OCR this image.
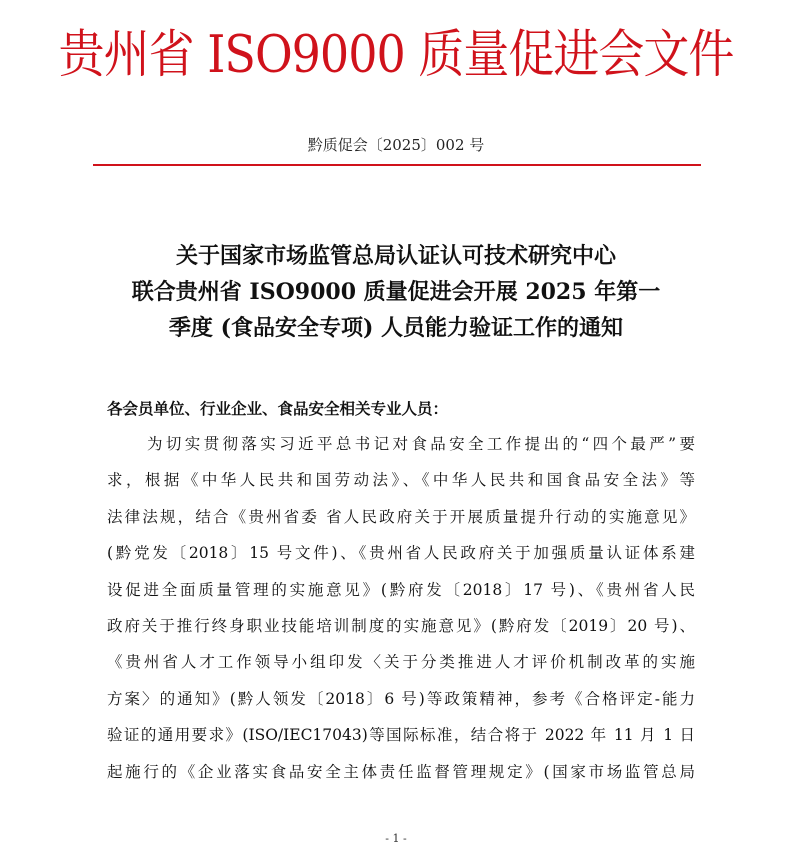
贵州省 ISO9000 质量促进会文件
黔质促会〔2025〕002 号
关于国家市场监管总局认证认可技术研究中心
联合贵州省 ISO9000 质量促进会开展 2025 年第一
季度 (食品安全专项) 人员能力验证工作的通知
各会员单位、行业企业、食品安全相关专业人员：
为切实贯彻落实习近平总书记对食品安全工作提出的“四个最严”要
求，根据《中华人民共和国劳动法》、《中华人民共和国食品安全法》等
法律法规，结合《贵州省委 省人民政府关于开展质量提升行动的实施意见》
(黔党发〔2018〕15 号文件)、《贵州省人民政府关于加强质量认证体系建
设促进全面质量管理的实施意见》(黔府发〔2018〕17 号)、《贵州省人民
政府关于推行终身职业技能培训制度的实施意见》(黔府发〔2019〕20 号)、
《贵州省人才工作领导小组印发〈关于分类推进人才评价机制改革的实施
方案〉的通知》(黔人领发〔2018〕6 号)等政策精神，参考《合格评定-能力
验证的通用要求》(ISO/IEC17043)等国际标准，结合将于 2022 年 11 月 1 日
起施行的《企业落实食品安全主体责任监督管理规定》(国家市场监管总局
- 1 -
